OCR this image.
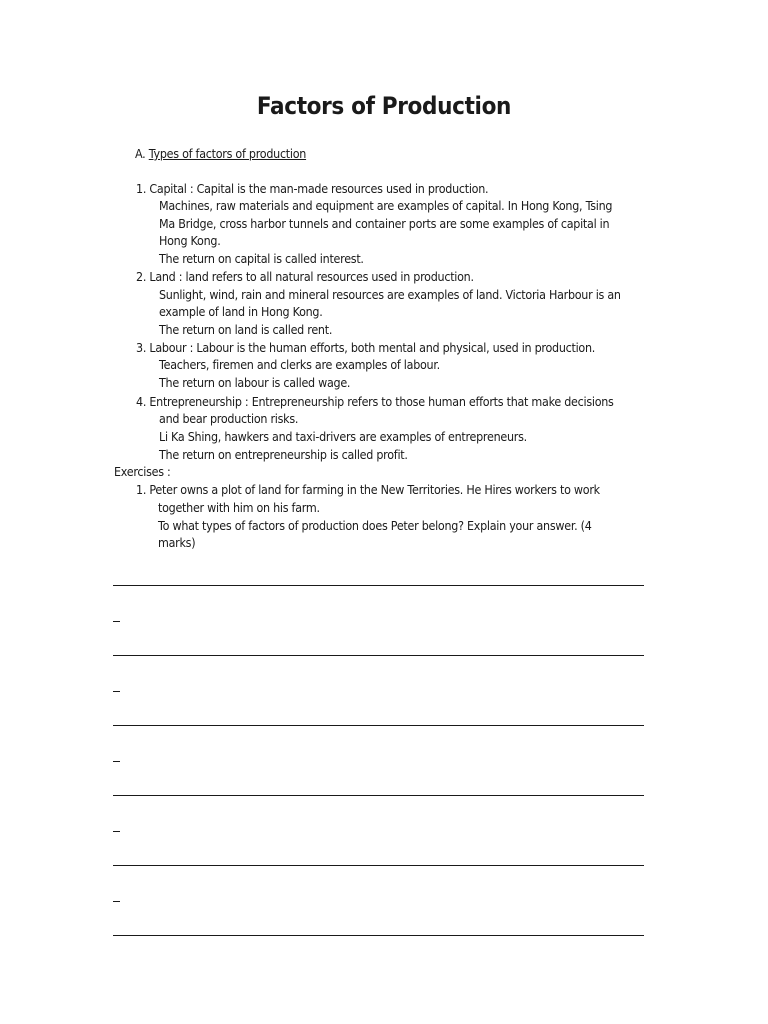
Factors of Production
A. Types of factors of production
1. Capital : Capital is the man-made resources used in production.
Machines, raw materials and equipment are examples of capital. In Hong Kong, Tsing
Ma Bridge, cross harbor tunnels and container ports are some examples of capital in
Hong Kong.
The return on capital is called interest.
2. Land : land refers to all natural resources used in production.
Sunlight, wind, rain and mineral resources are examples of land. Victoria Harbour is an
example of land in Hong Kong.
The return on land is called rent.
3. Labour : Labour is the human efforts, both mental and physical, used in production.
Teachers, firemen and clerks are examples of labour.
The return on labour is called wage.
4. Entrepreneurship : Entrepreneurship refers to those human efforts that make decisions
and bear production risks.
Li Ka Shing, hawkers and taxi-drivers are examples of entrepreneurs.
The return on entrepreneurship is called profit.
Exercises :
1. Peter owns a plot of land for farming in the New Territories. He Hires workers to work
together with him on his farm.
To what types of factors of production does Peter belong? Explain your answer. (4
marks)
